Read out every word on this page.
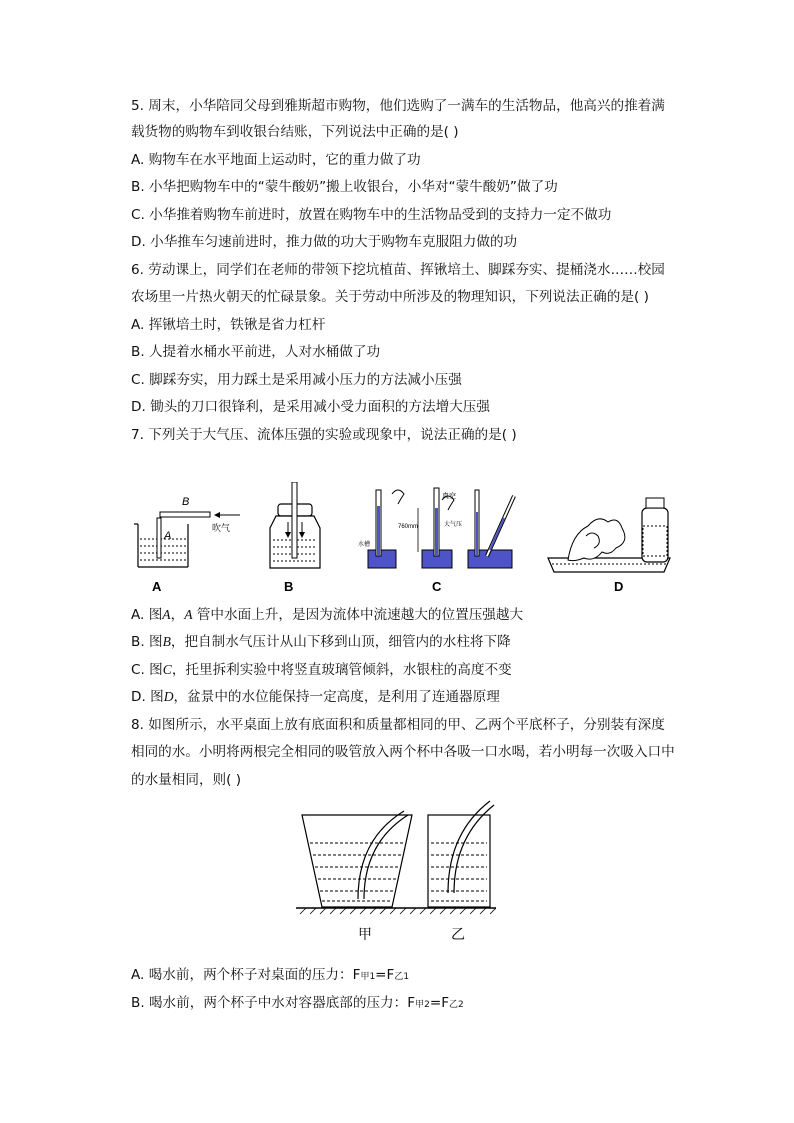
5. 周末，小华陪同父母到雅斯超市购物，他们选购了一满车的生活物品，他高兴的推着满
载货物的购物车到收银台结账，下列说法中正确的是( )
A. 购物车在水平地面上运动时，它的重力做了功
B. 小华把购物车中的“蒙牛酸奶”搬上收银台，小华对“蒙牛酸奶”做了功
C. 小华推着购物车前进时，放置在购物车中的生活物品受到的支持力一定不做功
D. 小华推车匀速前进时，推力做的功大于购物车克服阻力做的功
6. 劳动课上，同学们在老师的带领下挖坑植苗、挥锹培土、脚踩夯实、提桶浇水……校园
农场里一片热火朝天的忙碌景象。关于劳动中所涉及的物理知识，下列说法正确的是( )
A. 挥锹培土时，铁锹是省力杠杆
B. 人提着水桶水平前进，人对水桶做了功
C. 脚踩夯实，用力踩土是采用减小压力的方法减小压强
D. 锄头的刀口很锋利，是采用减小受力面积的方法增大压强
7. 下列关于大气压、流体压强的实验或现象中，说法正确的是( )
B
A
吹气
A	B
真空
760mm	大气压
水槽
C	D
A. 图A，A 管中水面上升，是因为流体中流速越大的位置压强越大
B. 图B，把自制水气压计从山下移到山顶，细管内的水柱将下降
C. 图C，托里拆利实验中将竖直玻璃管倾斜，水银柱的高度不变
D. 图D，盆景中的水位能保持一定高度，是利用了连通器原理
8. 如图所示，水平桌面上放有底面积和质量都相同的甲、乙两个平底杯子，分别装有深度
相同的水。小明将两根完全相同的吸管放入两个杯中各吸一口水喝，若小明每一次吸入口中
的水量相同，则( )
甲	乙
A. 喝水前，两个杯子对桌面的压力：F甲1=F乙1
B. 喝水前，两个杯子中水对容器底部的压力：F甲2=F乙2
